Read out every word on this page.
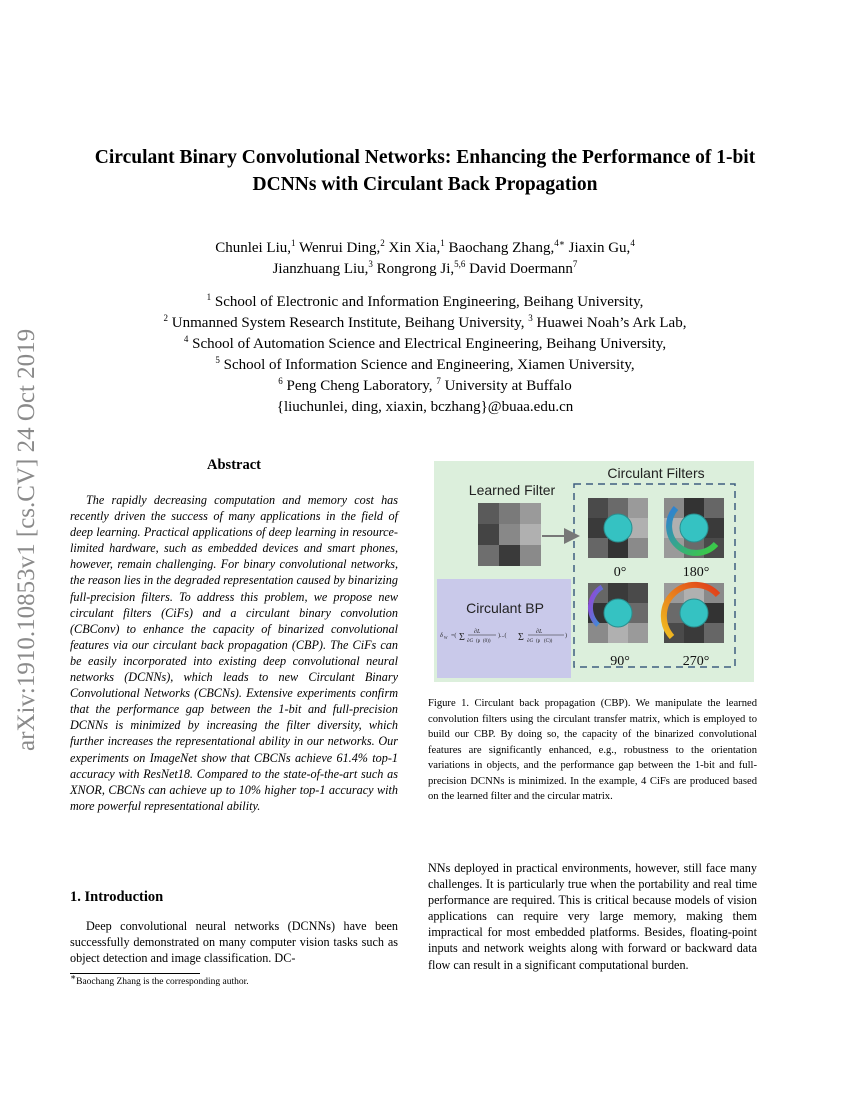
arXiv:1910.10853v1 [cs.CV] 24 Oct 2019
Circulant Binary Convolutional Networks: Enhancing the Performance of 1-bit
DCNNs with Circulant Back Propagation
Chunlei Liu,$^1$ Wenrui Ding,$^2$ Xin Xia,$^1$ Baochang Zhang,$^{4∗}$ Jiaxin Gu,$^4$
Jianzhuang Liu,$^3$ Rongrong Ji,$^{5,6}$ David Doermann$^7$
$^1$ School of Electronic and Information Engineering, Beihang University,
$^2$ Unmanned System Research Institute, Beihang University, $^3$ Huawei Noah’s Ark Lab,
$^4$ School of Automation Science and Electrical Engineering, Beihang University,
$^5$ School of Information Science and Engineering, Xiamen University,
$^6$ Peng Cheng Laboratory, $^7$ University at Buffalo
{liuchunlei, ding, xiaxin, bczhang}@buaa.edu.cn
Abstract

The rapidly decreasing computation and memory cost has recently driven the success of many applications in the field of deep learning. Practical applications of deep learning in resource-limited hardware, such as embedded devices and smart phones, however, remain challenging. For binary convolutional networks, the reason lies in the degraded representation caused by binarizing full-precision filters. To address this problem, we propose new circulant filters (CiFs) and a circulant binary convolution (CBConv) to enhance the capacity of binarized convolutional features via our circulant back propagation (CBP). The CiFs can be easily incorporated into existing deep convolutional neural networks (DCNNs), which leads to new Circulant Binary Convolutional Networks (CBCNs). Extensive experiments confirm that the performance gap between the 1-bit and full-precision DCNNs is minimized by increasing the filter diversity, which further increases the representational ability in our networks. Our experiments on ImageNet show that CBCNs achieve 61.4% top-1 accuracy with ResNet18. Compared to the state-of-the-art such as XNOR, CBCNs can achieve up to 10% higher top-1 accuracy with more powerful representational ability.

1. Introduction

Deep convolutional neural networks (DCNNs) have been successfully demonstrated on many computer vision tasks such as object detection and image classification. DC-

∗Baochang Zhang is the corresponding author.
Learned Filter
Circulant Filters
Circulant BP
0°	180°
90°	270°
δ W =( Σ ∂L
∂G (p (0))
)...( Σ ∂L
∂G (p (C))
)
Figure 1. Circulant back propagation (CBP). We manipulate the learned convolution filters using the circulant transfer matrix, which is employed to build our CBP. By doing so, the capacity of the binarized convolutional features are significantly enhanced, e.g., robustness to the orientation variations in objects, and the performance gap between the 1-bit and full-precision DCNNs is minimized. In the example, 4 CiFs are produced based on the learned filter and the circular matrix.

NNs deployed in practical environments, however, still face many challenges. It is particularly true when the portability and real time performance are required. This is critical because models of vision applications can require very large memory, making them impractical for most embedded platforms. Besides, floating-point inputs and network weights along with forward or backward data flow can result in a significant computational burden.
